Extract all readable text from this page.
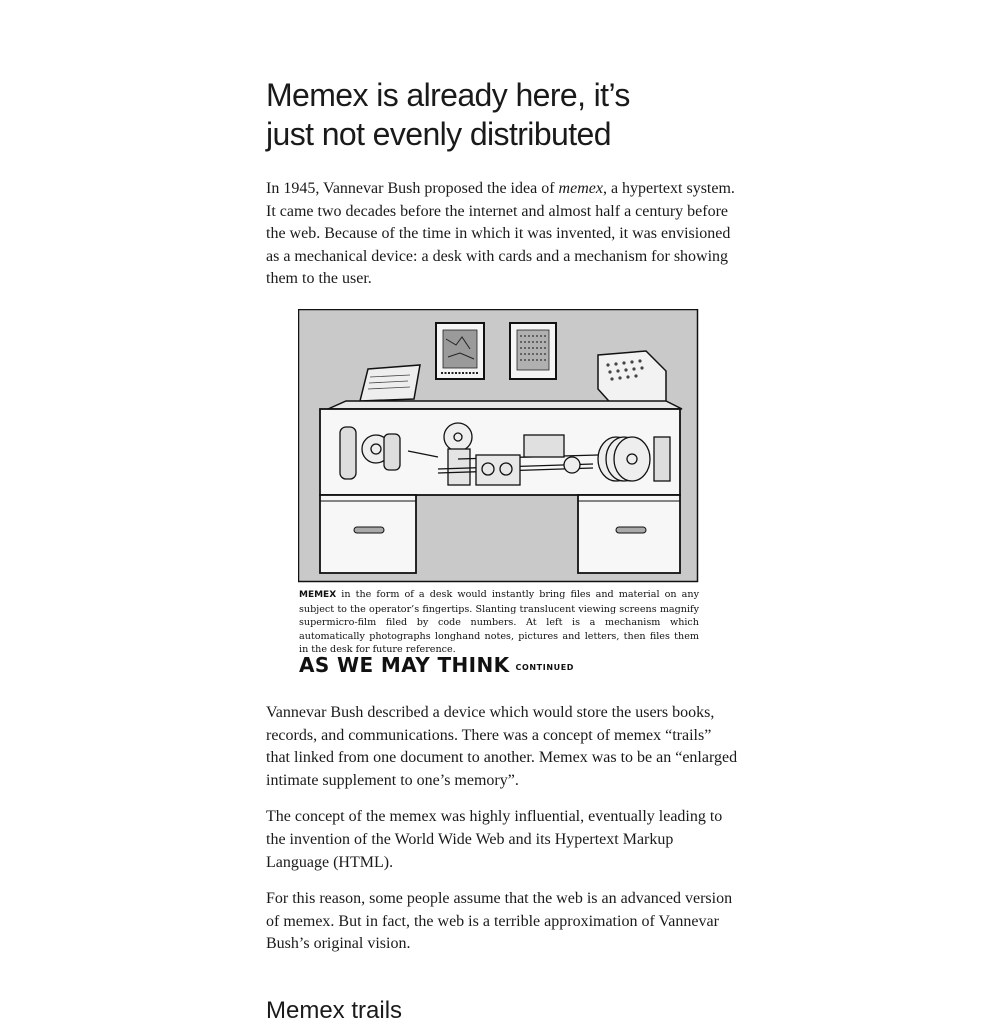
Memex is already here, it’s just not evenly distributed

In 1945, Vannevar Bush proposed the idea of memex, a hypertext system. It came two decades before the internet and almost half a century before the web. Because of the time in which it was invented, it was envisioned as a mechanical device: a desk with cards and a mechanism for showing them to the user.

MEMEX in the form of a desk would instantly bring files and material on any subject to the operator’s fingertips. Slanting translucent viewing screens magnify supermicro-film filed by code numbers. At left is a mechanism which automatically photographs longhand notes, pictures and letters, then files them in the desk for future reference.
AS WE MAY THINK CONTINUED

Vannevar Bush described a device which would store the users books, records, and communications. There was a concept of memex “trails” that linked from one document to another. Memex was to be an “enlarged intimate supplement to one’s memory”.

The concept of the memex was highly influential, eventually leading to the invention of the World Wide Web and its Hypertext Markup Language (HTML).

For this reason, some people assume that the web is an advanced version of memex. But in fact, the web is a terrible approximation of Vannevar Bush’s original vision.

Memex trails
